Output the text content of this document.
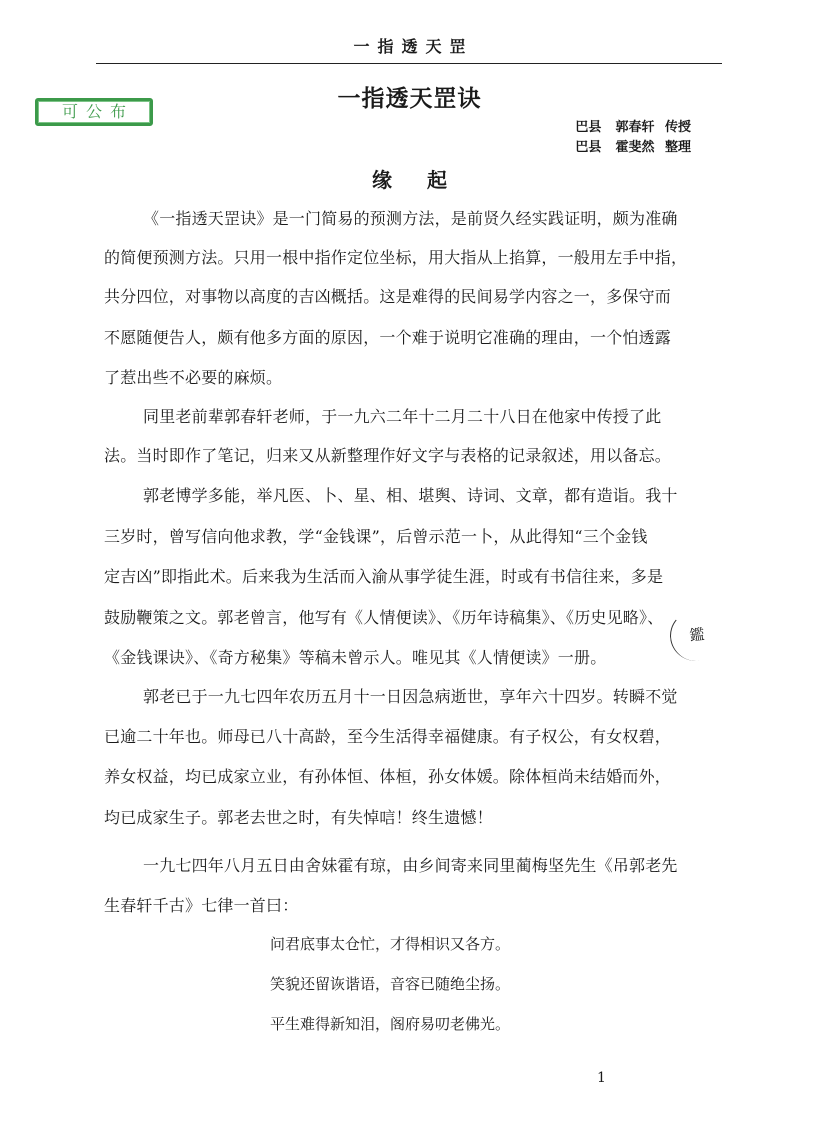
一指透天罡
可公布	一指透天罡诀
巴县 郭春轩 传授
巴县 霍斐然 整理
缘 起
《一指透天罡诀》是一门简易的预测方法，是前贤久经实践证明，颇为准确
的简便预测方法。只用一根中指作定位坐标，用大指从上掐算，一般用左手中指，
共分四位，对事物以高度的吉凶概括。这是难得的民间易学内容之一，多保守而
不愿随便告人，颇有他多方面的原因，一个难于说明它准确的理由，一个怕透露
了惹出些不必要的麻烦。
同里老前辈郭春轩老师，于一九六二年十二月二十八日在他家中传授了此
法。当时即作了笔记，归来又从新整理作好文字与表格的记录叙述，用以备忘。
郭老博学多能，举凡医、卜、星、相、堪舆、诗词、文章，都有造诣。我十
三岁时，曾写信向他求教，学“金钱课”，后曾示范一卜，从此得知“三个金钱
定吉凶”即指此术。后来我为生活而入渝从事学徒生涯，时或有书信往来，多是
鼓励鞭策之文。郭老曾言，他写有《人情便读》、《历年诗稿集》、《历史见略》、
《金钱课诀》、《奇方秘集》等稿未曾示人。唯见其《人情便读》一册。
郭老已于一九七四年农历五月十一日因急病逝世，享年六十四岁。转瞬不觉
已逾二十年也。师母已八十高龄，至今生活得幸福健康。有子权公，有女权碧，
养女权益，均已成家立业，有孙体恒、体桓，孙女体媛。除体桓尚未结婚而外，
均已成家生子。郭老去世之时，有失悼唁！终生遗憾！
一九七四年八月五日由舍妹霍有琼，由乡间寄来同里蔺梅坚先生《吊郭老先
生春轩千古》七律一首曰：
问君底事太仓忙，才得相识又各方。
笑貌还留诙谐语，音容已随绝尘扬。
平生难得新知泪，阁府易叨老佛光。
鑑
1
